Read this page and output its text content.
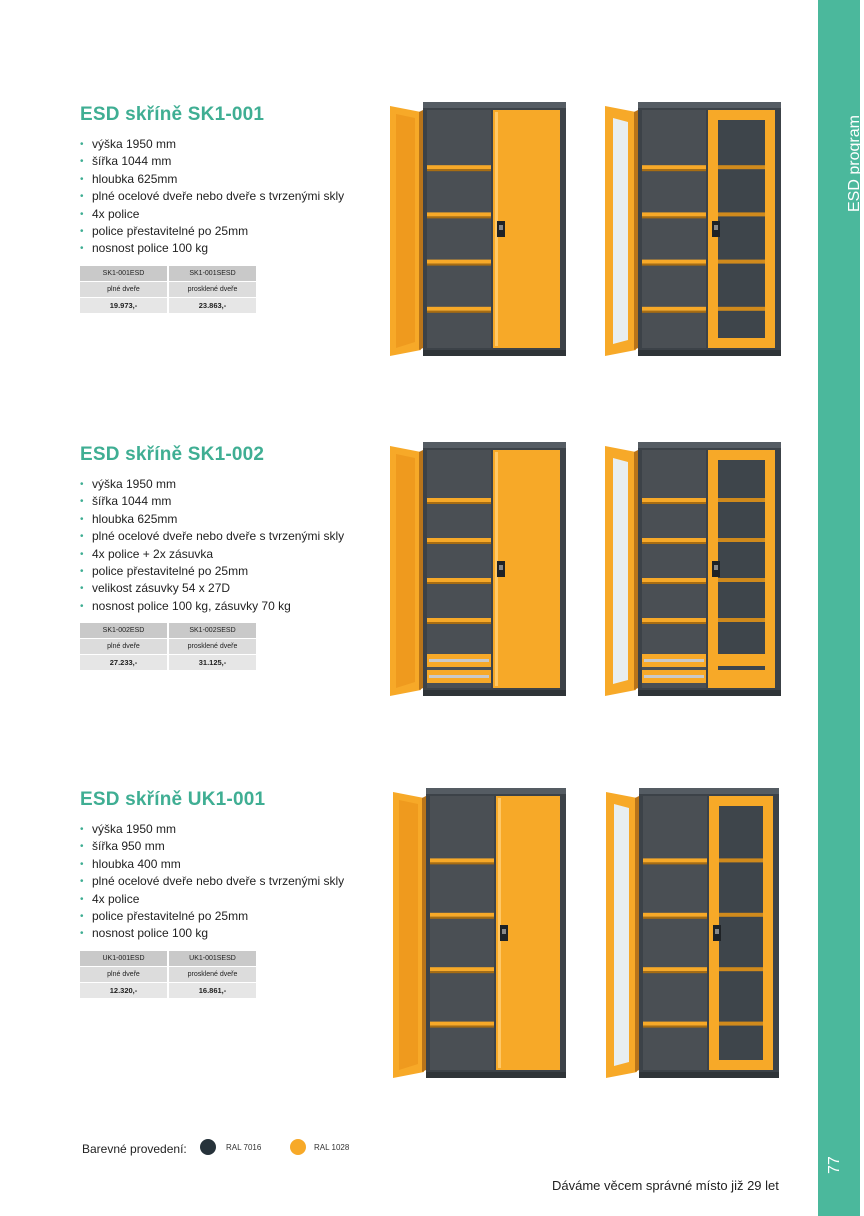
ESD program
77
ESD skříně SK1-001
• výška 1950 mm
• šířka 1044 mm
• hloubka 625mm
• plné ocelové dveře nebo dveře s tvrzenými skly
• 4x police
• police přestavitelné po 25mm
• nosnost police 100 kg
SK1-001ESD	SK1-001SESD
plné dveře	prosklené dveře
19.973,-	23.863,-
ESD skříně SK1-002
• výška 1950 mm
• šířka 1044 mm
• hloubka 625mm
• plné ocelové dveře nebo dveře s tvrzenými skly
• 4x police + 2x zásuvka
• police přestavitelné po 25mm
• velikost zásuvky 54 x 27D
• nosnost police 100 kg, zásuvky 70 kg
SK1-002ESD	SK1-002SESD
plné dveře	prosklené dveře
27.233,-	31.125,-
ESD skříně UK1-001
• výška 1950 mm
• šířka 950 mm
• hloubka 400 mm
• plné ocelové dveře nebo dveře s tvrzenými skly
• 4x police
• police přestavitelné po 25mm
• nosnost police 100 kg
UK1-001ESD	UK1-001SESD
plné dveře	prosklené dveře
12.320,-	16.861,-
Barevné provedení:	RAL 7016	RAL 1028
Dáváme věcem správné místo již 29 let
